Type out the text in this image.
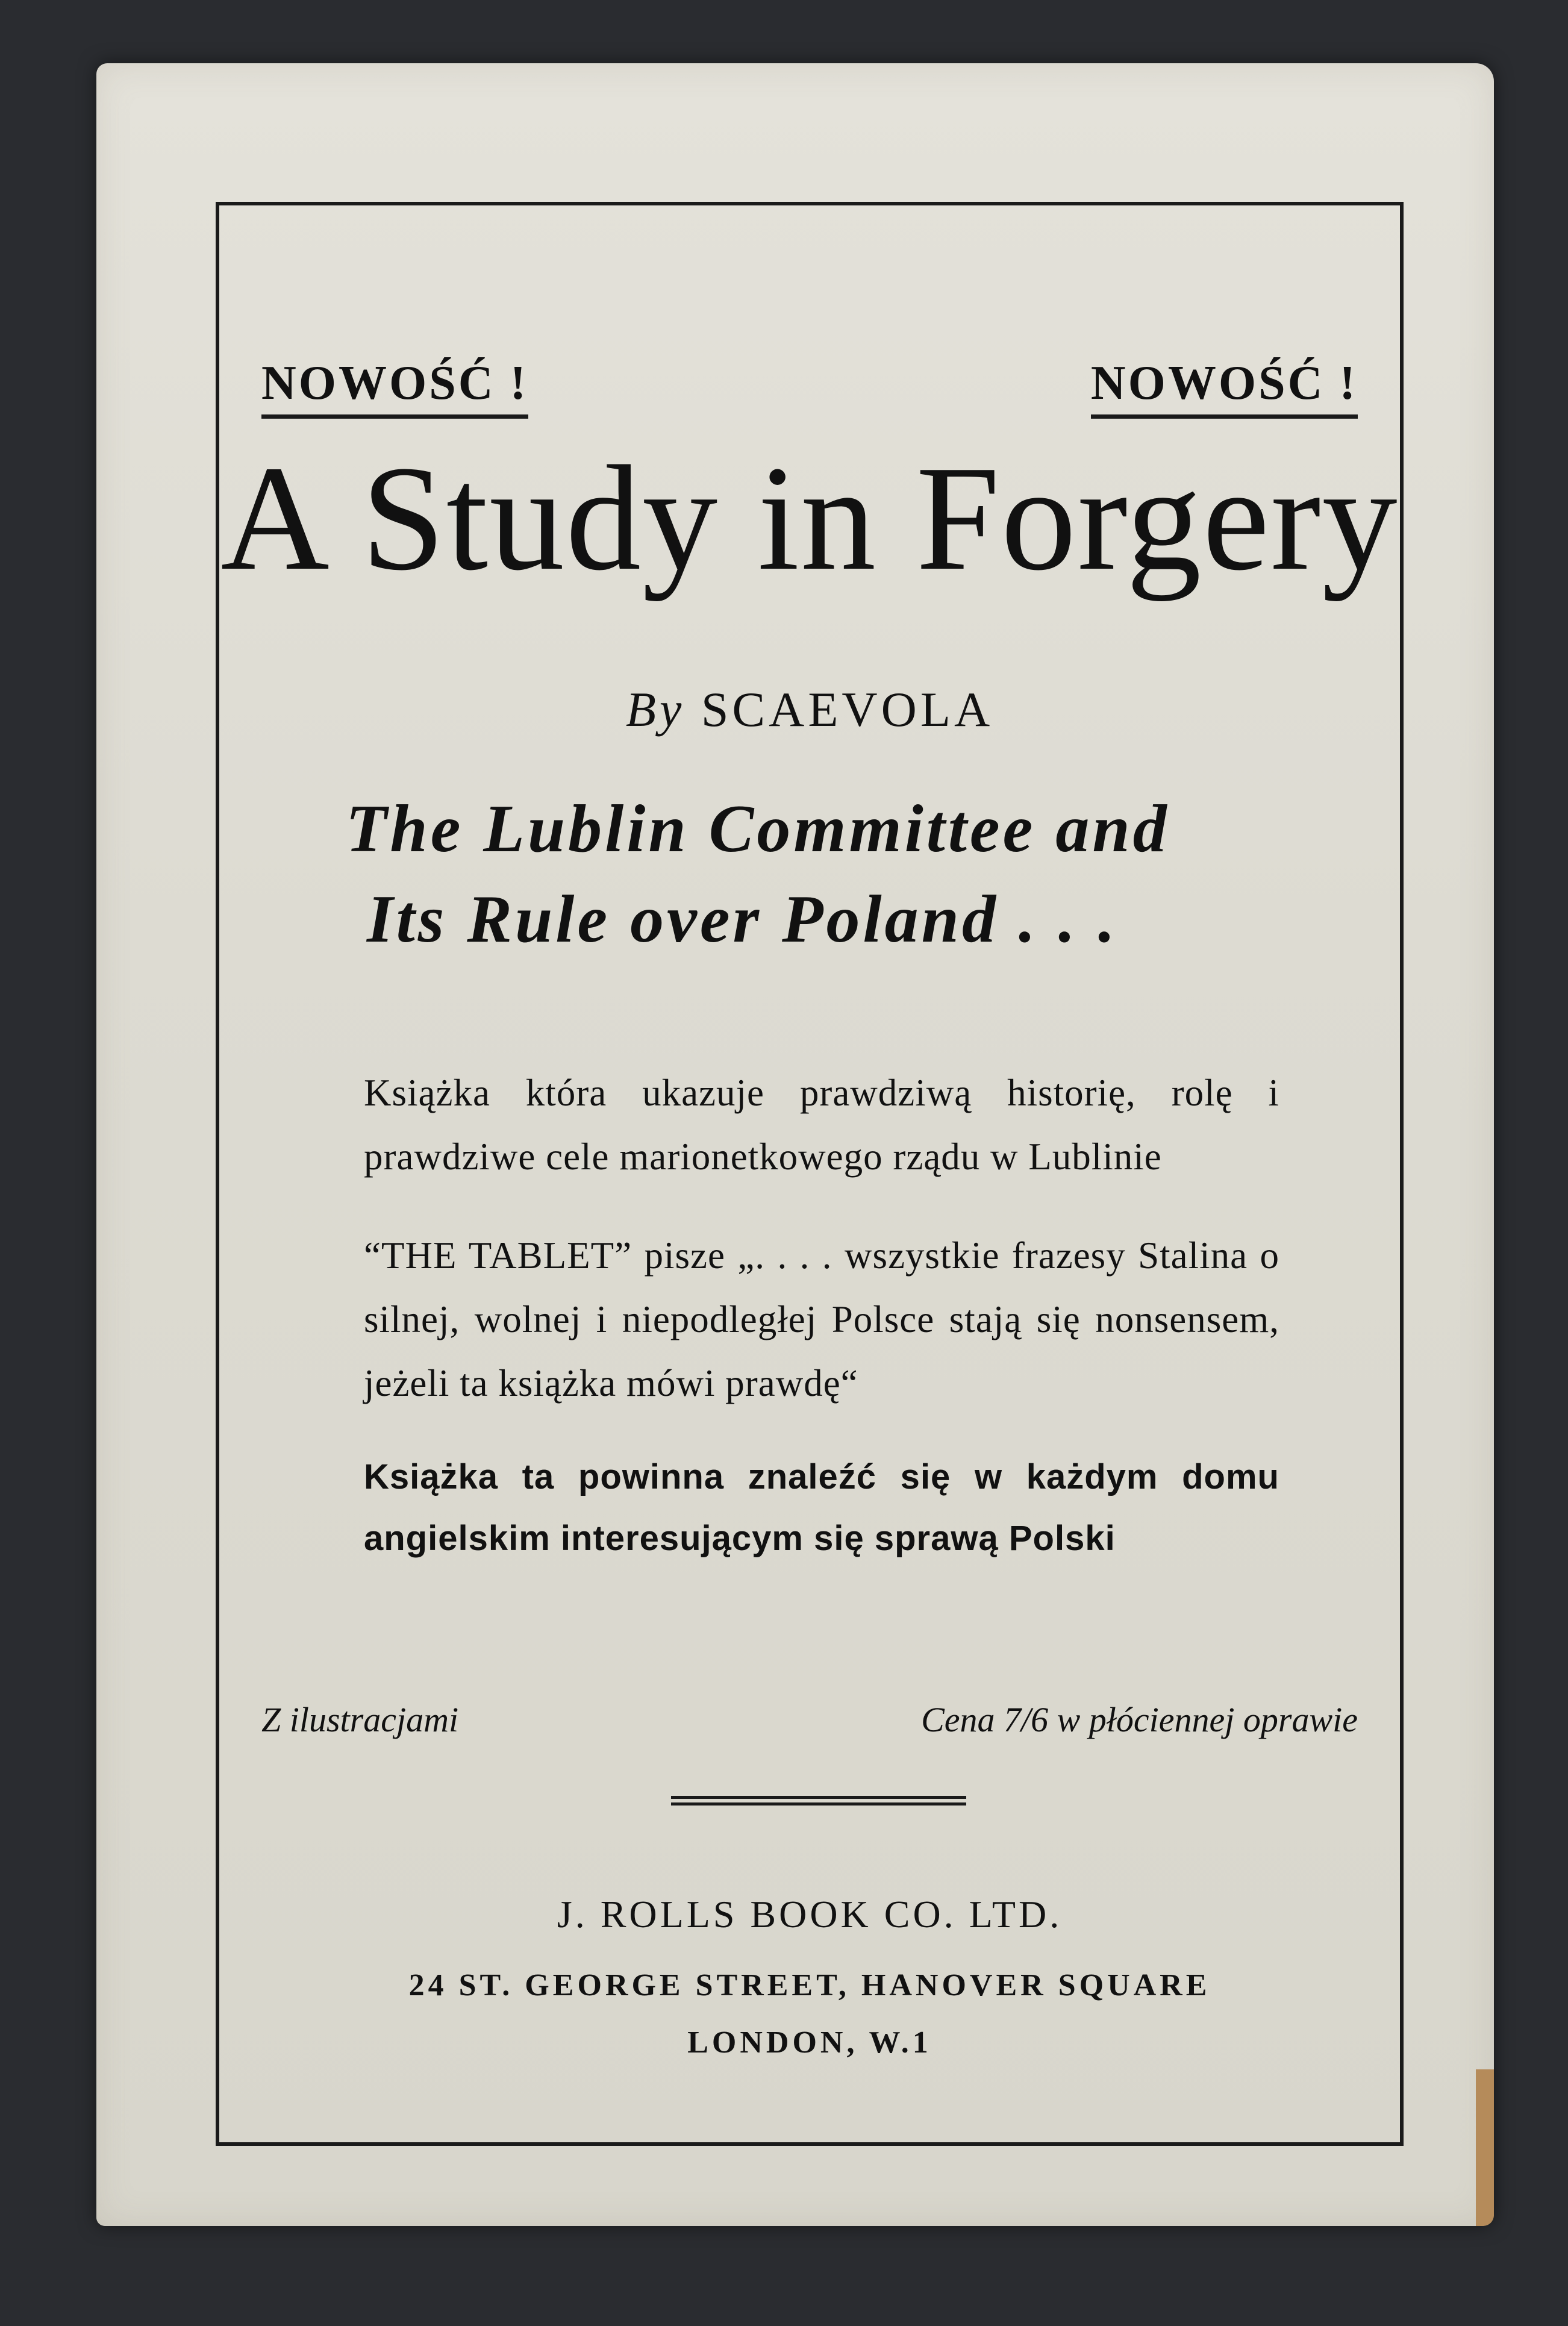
NOWOŚĆ !	NOWOŚĆ !
A Study in Forgery
By SCAEVOLA
The Lublin Committee and
Its Rule over Poland . . .
Książka która ukazuje prawdziwą historię, rolę i prawdziwe cele marionetkowego rządu w Lublinie
“THE TABLET” pisze „. . . . wszystkie frazesy Stalina o silnej, wolnej i niepodległej Polsce stają się nonsensem, jeżeli ta książka mówi prawdę“
Książka ta powinna znaleźć się w każdym domu angielskim interesującym się sprawą Polski
Z ilustracjami	Cena 7/6 w płóciennej oprawie
J. ROLLS BOOK CO. LTD.
24 ST. GEORGE STREET, HANOVER SQUARE
LONDON, W.1
